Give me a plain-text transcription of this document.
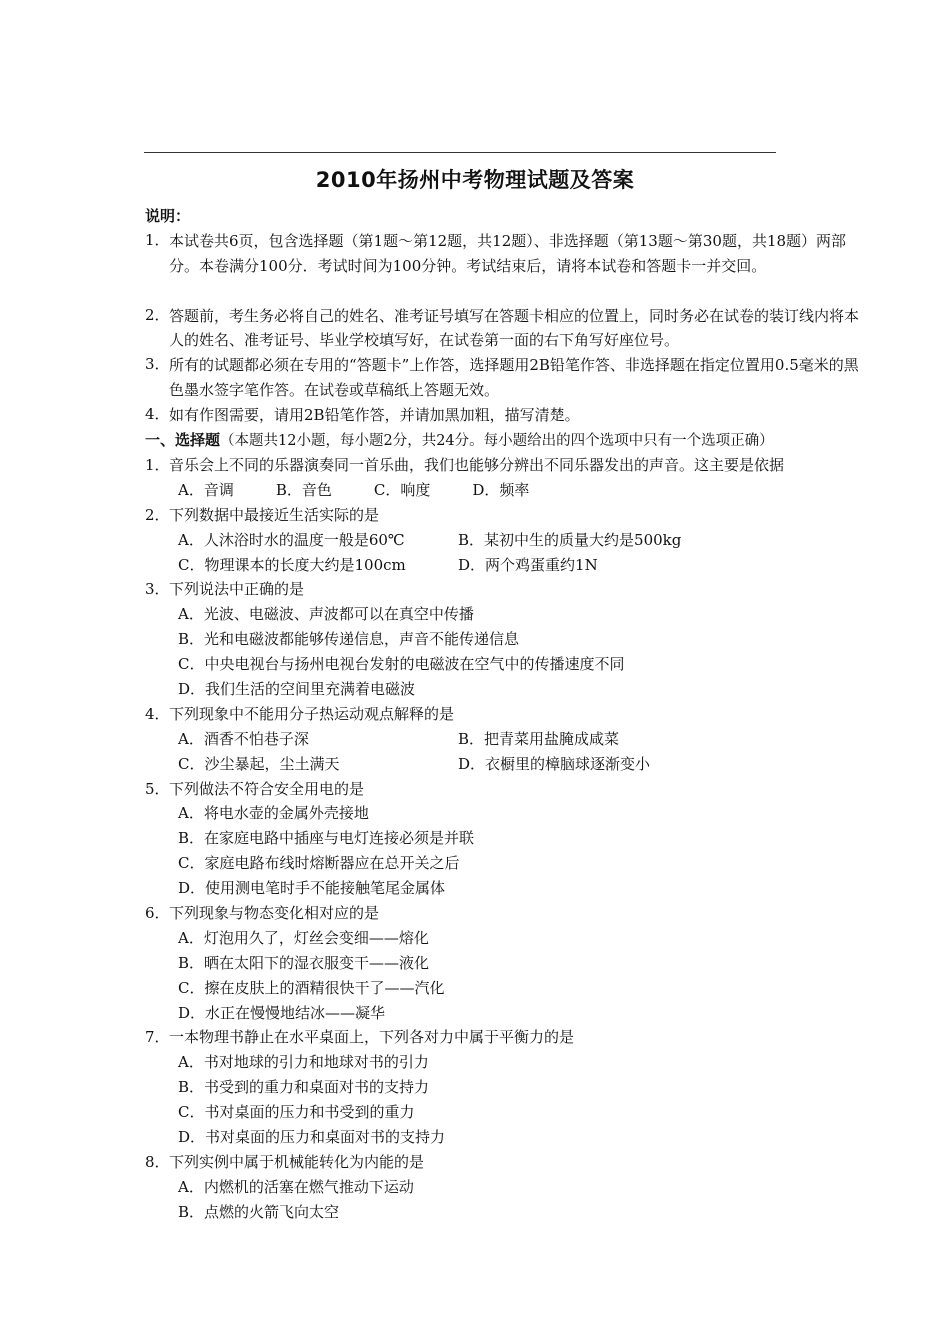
2010年扬州中考物理试题及答案
说明：
1． 本试卷共6页，包含选择题（第1题～第12题，共12题）、非选择题（第13题～第30题，共18题）两部分。本卷满分100分．考试时间为100分钟。考试结束后，请将本试卷和答题卡一并交回。
2． 答题前，考生务必将自己的姓名、准考证号填写在答题卡相应的位置上，同时务必在试卷的装订线内将本人的姓名、准考证号、毕业学校填写好，在试卷第一面的右下角写好座位号。
3． 所有的试题都必须在专用的“答题卡”上作答，选择题用2B铅笔作答、非选择题在指定位置用0.5毫米的黑色墨水签字笔作答。在试卷或草稿纸上答题无效。
4． 如有作图需要，请用2B铅笔作答，并请加黑加粗，描写清楚。
一、选择题（本题共12小题，每小题2分，共24分。每小题给出的四个选项中只有一个选项正确）
1．音乐会上不同的乐器演奏同一首乐曲，我们也能够分辨出不同乐器发出的声音。这主要是依据
A．音调	B．音色	C．响度	D．频率
2．下列数据中最接近生活实际的是
A．人沐浴时水的温度一般是60℃	B．某初中生的质量大约是500kg
C．物理课本的长度大约是100cm	D．两个鸡蛋重约1N
3．下列说法中正确的是
A．光波、电磁波、声波都可以在真空中传播
B．光和电磁波都能够传递信息，声音不能传递信息
C．中央电视台与扬州电视台发射的电磁波在空气中的传播速度不同
D．我们生活的空间里充满着电磁波
4．下列现象中不能用分子热运动观点解释的是
A．酒香不怕巷子深	B．把青菜用盐腌成咸菜
C．沙尘暴起，尘土满天	D．衣橱里的樟脑球逐渐变小
5．下列做法不符合安全用电的是
A．将电水壶的金属外壳接地
B．在家庭电路中插座与电灯连接必须是并联
C．家庭电路布线时熔断器应在总开关之后
D．使用测电笔时手不能接触笔尾金属体
6．下列现象与物态变化相对应的是
A．灯泡用久了，灯丝会变细——熔化
B．晒在太阳下的湿衣服变干——液化
C．擦在皮肤上的酒精很快干了——汽化
D．水正在慢慢地结冰——凝华
7．一本物理书静止在水平桌面上，下列各对力中属于平衡力的是
A．书对地球的引力和地球对书的引力
B．书受到的重力和桌面对书的支持力
C．书对桌面的压力和书受到的重力
D．书对桌面的压力和桌面对书的支持力
8．下列实例中属于机械能转化为内能的是
A．内燃机的活塞在燃气推动下运动
B．点燃的火箭飞向太空
